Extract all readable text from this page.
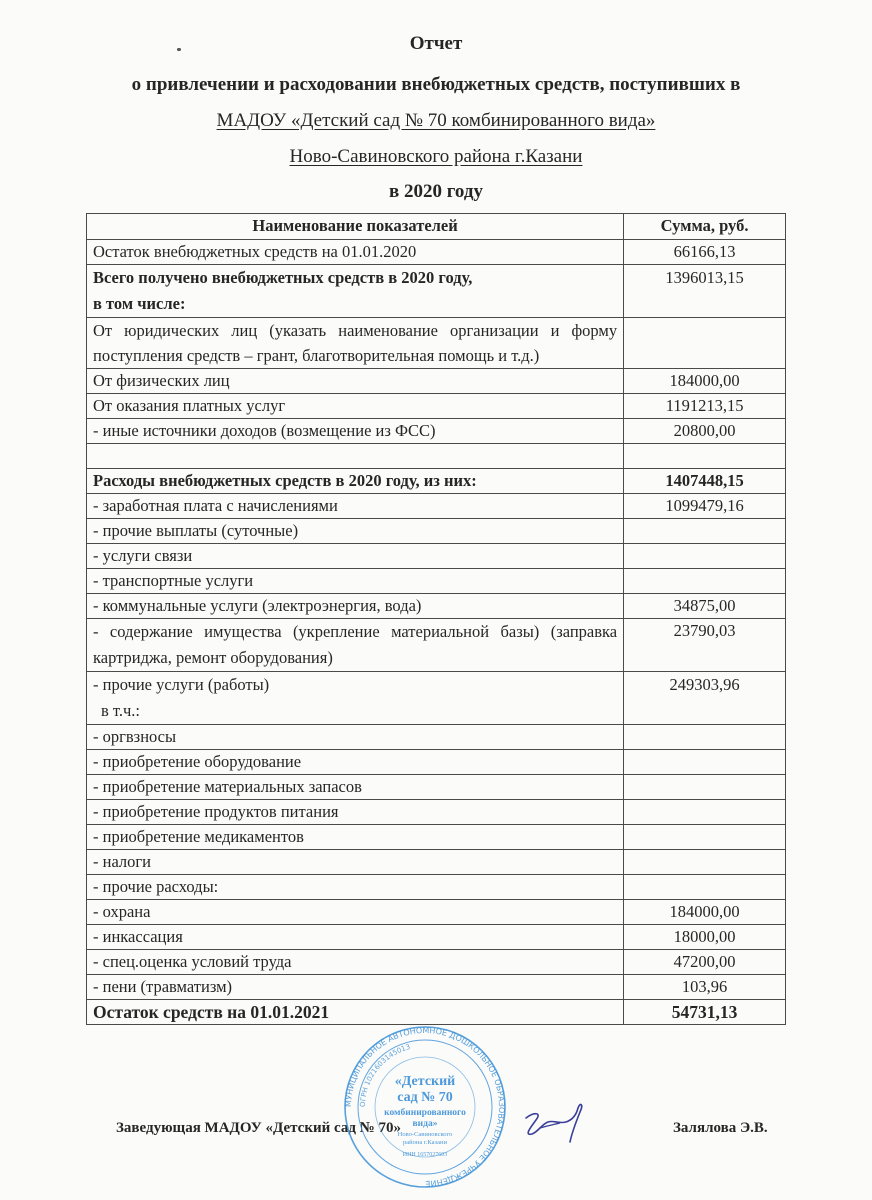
Отчет
о привлечении и расходовании внебюджетных средств, поступивших в
МАДОУ «Детский сад № 70 комбинированного вида»
Ново-Савиновского района г.Казани
в 2020 году
Наименование показателей	Сумма, руб.
Остаток внебюджетных средств на 01.01.2020	66166,13

Всего получено внебюджетных средств в 2020 году,
в том числе:	1396013,15
От юридических лиц (указать наименование организации и форму поступления средств – грант, благотворительная помощь и т.д.)	
От физических лиц	184000,00
От оказания платных услуг	1191213,15
- иные источники доходов (возмещение из ФСС)	20800,00

Расходы внебюджетных средств в 2020 году, из них:	1407448,15
- заработная плата с начислениями	1099479,16
- прочие выплаты (суточные)	
- услуги связи	
- транспортные услуги	
- коммунальные услуги (электроэнергия, вода)	34875,00
- содержание имущества (укрепление материальной базы) (заправка картриджа, ремонт оборудования)	23790,03

- прочие услуги (работы)
в т.ч.:	249303,96
- оргвзносы	
- приобретение оборудование	
- приобретение материальных запасов	
- приобретение продуктов питания	
- приобретение медикаментов	
- налоги	
- прочие расходы:	
- охрана	184000,00
- инкассация	18000,00
- спец.оценка условий труда	47200,00
- пени (травматизм)	103,96
Остаток средств на 01.01.2021	54731,13
Заведующая МАДОУ «Детский сад № 70»	Залялова Э.В.
МУНИЦИПАЛЬНОЕ АВТОНОМНОЕ ДОШКОЛЬНОЕ ОБРАЗОВАТЕЛЬНОЕ УЧРЕЖДЕНИЕ
ОГРН 1021603145013
«Детский
сад № 70
комбинированного
вида»
Ново-Савиновского
района г.Казани
ИНН 1657027603
